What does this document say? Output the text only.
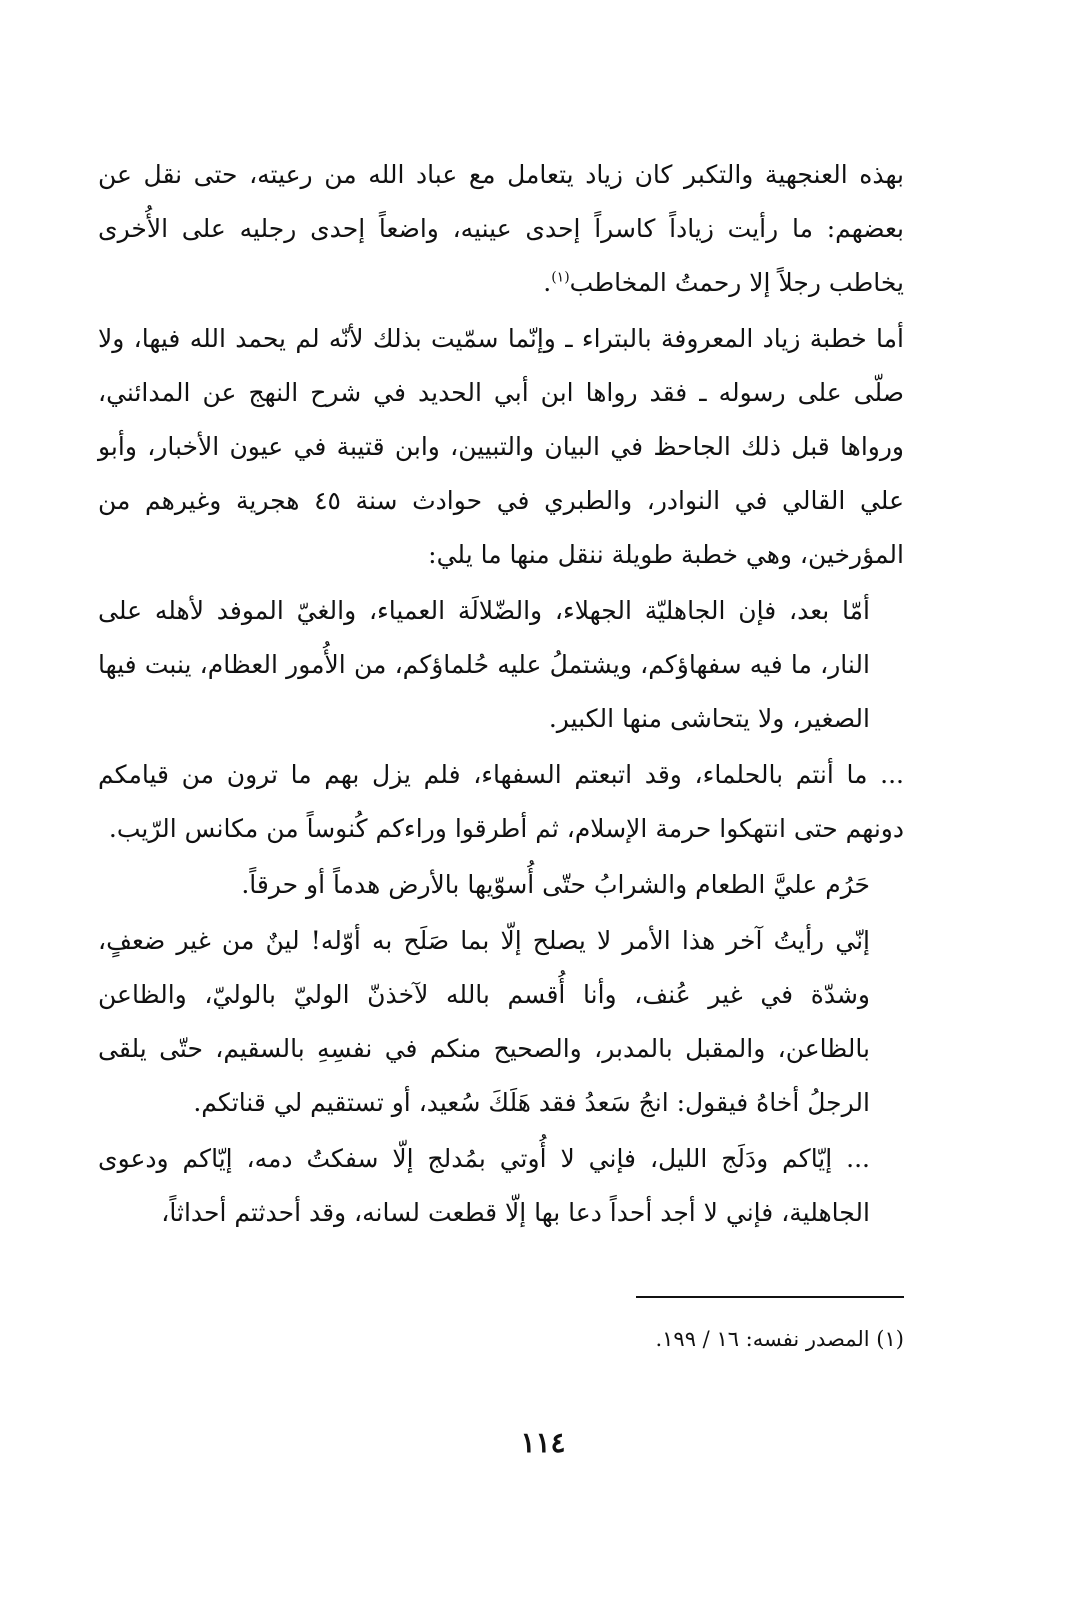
بهذه العنجهية والتكبر كان زياد يتعامل مع عباد الله من رعيته، حتى نقل عن بعضهم: ما رأيت زياداً كاسراً إحدى عينيه، واضعاً إحدى رجليه على الأُخرى يخاطب رجلاً إلا رحمتُ المخاطب$^{(١)}$.

أما خطبة زياد المعروفة بالبتراء ـ وإنّما سمّيت بذلك لأنّه لم يحمد الله فيها، ولا صلّى على رسوله ـ فقد رواها ابن أبي الحديد في شرح النهج عن المدائني، ورواها قبل ذلك الجاحظ في البيان والتبيين، وابن قتيبة في عيون الأخبار، وأبو علي القالي في النوادر، والطبري في حوادث سنة ٤٥ هجرية وغيرهم من المؤرخين، وهي خطبة طويلة ننقل منها ما يلي:

أمّا بعد، فإن الجاهليّة الجهلاء، والضّلالَة العمياء، والغيّ الموفد لأهله على النار، ما فيه سفهاؤكم، ويشتملُ عليه حُلماؤكم، من الأُمور العظام، ينبت فيها الصغير، ولا يتحاشى منها الكبير.

... ما أنتم بالحلماء، وقد اتبعتم السفهاء، فلم يزل بهم ما ترون من قيامكم دونهم حتى انتهكوا حرمة الإسلام، ثم أطرقوا وراءكم كُنوساً من مكانس الرّيب.

حَرُم عليَّ الطعام والشرابُ حتّى أُسوّيها بالأرض هدماً أو حرقاً.

إنّي رأيتُ آخر هذا الأمر لا يصلح إلّا بما صَلَح به أوّله! لينٌ من غير ضعفٍ، وشدّة في غير عُنف، وأنا أُقسم بالله لآخذنّ الوليّ بالوليّ، والظاعن بالظاعن، والمقبل بالمدبر، والصحيح منكم في نفسِهِ بالسقيم، حتّى يلقى الرجلُ أخاهُ فيقول: انجُ سَعدُ فقد هَلَكَ سُعيد، أو تستقيم لي قناتكم.

... إيّاكم ودَلَج الليل، فإني لا أُوتي بمُدلج إلّا سفكتُ دمه، إيّاكم ودعوى الجاهلية، فإني لا أجد أحداً دعا بها إلّا قطعت لسانه، وقد أحدثتم أحداثاً،

(١) المصدر نفسه: ١٦ / ١٩٩.
١١٤
